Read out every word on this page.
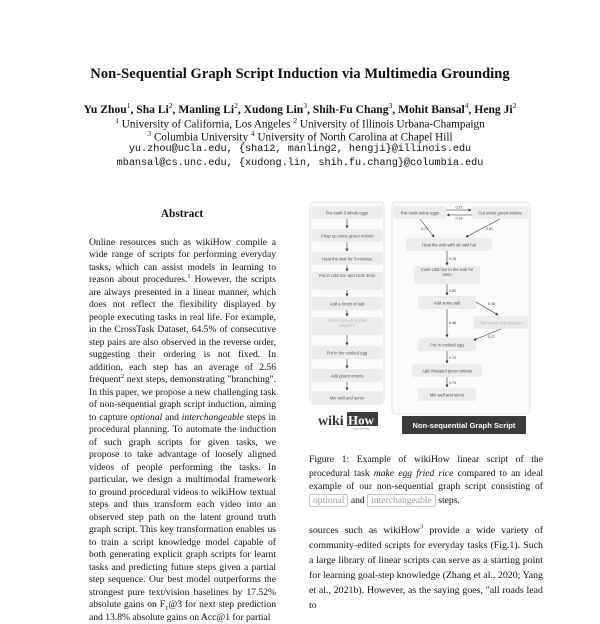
Non-Sequential Graph Script Induction via Multimedia Grounding
Yu Zhou$^1$, Sha Li$^2$, Manling Li$^2$, Xudong Lin$^3$, Shih-Fu Chang$^3$, Mohit Bansal$^4$, Heng Ji$^2$
$^1$ University of California, Los Angeles $^2$ University of Illinois Urbana-Champaign
$^3$ Columbia University $^4$ University of North Carolina at Chapel Hill
yu.zhou@ucla.edu, {sha12, manling2, hengji}@illinois.edu
mbansal@cs.unc.edu, {xudong.lin, shih.fu.chang}@columbia.edu
Abstract
Online resources such as wikiHow compile a wide range of scripts for performing everyday tasks, which can assist models in learning to reason about procedures.$^1$ However, the scripts are always presented in a linear manner, which does not reflect the flexibility displayed by people executing tasks in real life. For example, in the CrossTask Dataset, 64.5% of consecutive step pairs are also observed in the reverse order, suggesting their ordering is not fixed. In addition, each step has an average of 2.56 frequent$^2$ next steps, demonstrating "branching". In this paper, we propose a new challenging task of non-sequential graph script induction, aiming to capture optional and interchangeable steps in procedural planning. To automate the induction of such graph scripts for given tasks, we propose to take advantage of loosely aligned videos of people performing the tasks. In particular, we design a multimodal framework to ground procedural videos to wikiHow textual steps and thus transform each video into an observed step path on the latent ground truth graph script. This key transformation enables us to train a script knowledge model capable of both generating explicit graph scripts for learnt tasks and predicting future steps given a partial step sequence. Our best model outperforms the strongest pure text/vision baselines by 17.52% absolute gains on $F_1@3$ for next step prediction and 13.8% absolute gains on Acc@1 for partial
Pre-cook 3 whole eggs
Chop up some green onions
Heat the wok for 3 minutes
Put in cold rice and cook 3min
Add a touch of salt
Put in a touch of chili peppers
Put in the cooked egg
Add green onions
Mix well and serve
wiki How
to do anything...
Pre-cook some eggs	Cut some green onions
Heat the wok with oil until hot
Cook cold rice in the wok for 3min
Add some salt
Add some chili peppers
Put in cooked egg
Add chopped green onions
Mix well and serve
0.27
0.19
0.73	0.81
0.76
0.82
0.40
0.46
0.27
0.75
0.75
Non-sequential Graph Script
Figure 1: Example of wikiHow linear script of the procedural task make egg fried rice compared to an ideal example of our non-sequential graph script consisting of optional and interchangeable steps.
sources such as wikiHow$^3$ provide a wide variety of community-edited scripts for everyday tasks (Fig.1). Such a large library of linear scripts can serve as a starting point for learning goal-step knowledge (Zhang et al., 2020; Yang et al., 2021b). However, as the saying goes, "all roads lead to
